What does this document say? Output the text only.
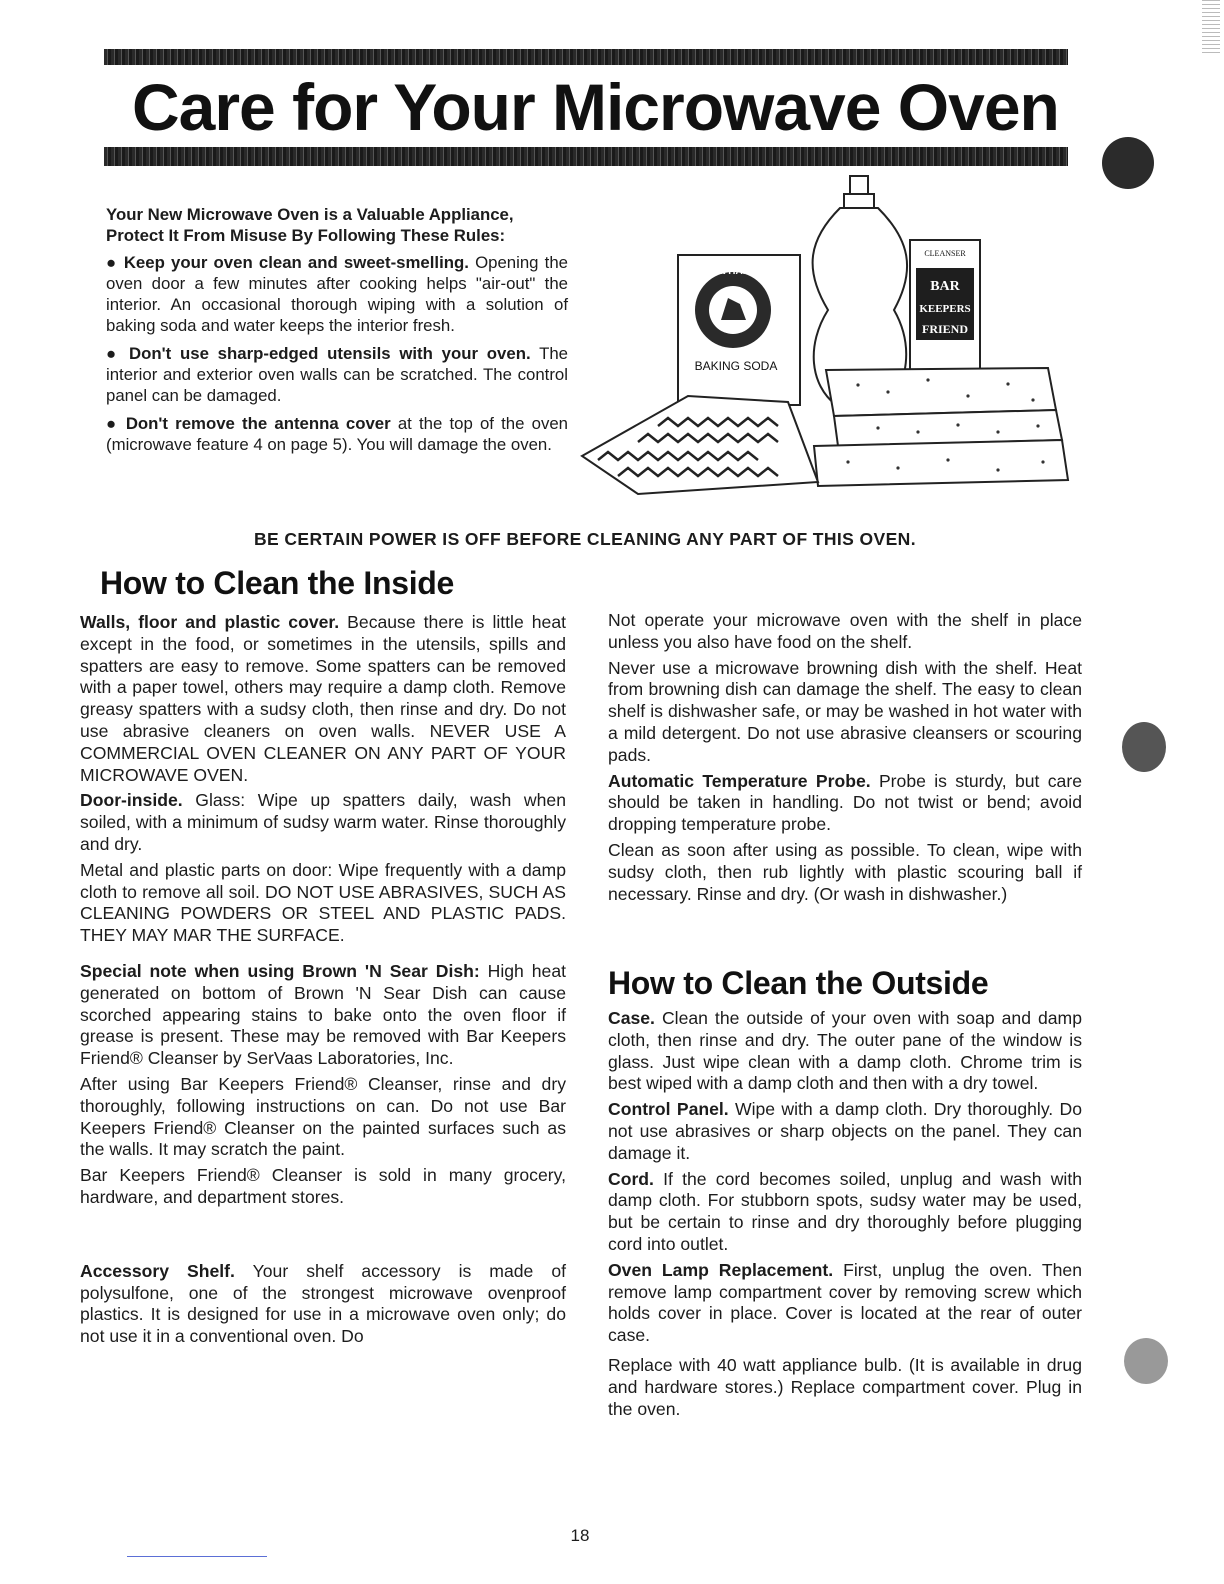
Care for Your Microwave Oven

Your New Microwave Oven is a Valuable Appliance, Protect It From Misuse By Following These Rules:

● Keep your oven clean and sweet-smelling. Opening the oven door a few minutes after cooking helps "air-out" the interior. An occasional thorough wiping with a solution of baking soda and water keeps the interior fresh.

● Don't use sharp-edged utensils with your oven. The interior and exterior oven walls can be scratched. The control panel can be damaged.

● Don't remove the antenna cover at the top of the oven (microwave feature 4 on page 5). You will damage the oven.

ARM & HAMMER
BAKING SODA
CLEANSER
BAR
KEEPERS
FRIEND
BE CERTAIN POWER IS OFF BEFORE CLEANING ANY PART OF THIS OVEN.
How to Clean the Inside

Walls, floor and plastic cover. Because there is little heat except in the food, or sometimes in the utensils, spills and spatters are easy to remove. Some spatters can be removed with a paper towel, others may require a damp cloth. Remove greasy spatters with a sudsy cloth, then rinse and dry. Do not use abrasive cleaners on oven walls. NEVER USE A COMMERCIAL OVEN CLEANER ON ANY PART OF YOUR MICROWAVE OVEN.

Door-inside. Glass: Wipe up spatters daily, wash when soiled, with a minimum of sudsy warm water. Rinse thoroughly and dry.

Metal and plastic parts on door: Wipe frequently with a damp cloth to remove all soil. DO NOT USE ABRASIVES, SUCH AS CLEANING POWDERS OR STEEL AND PLASTIC PADS. THEY MAY MAR THE SURFACE.

Special note when using Brown 'N Sear Dish: High heat generated on bottom of Brown 'N Sear Dish can cause scorched appearing stains to bake onto the oven floor if grease is present. These may be removed with Bar Keepers Friend® Cleanser by SerVaas Laboratories, Inc.

After using Bar Keepers Friend® Cleanser, rinse and dry thoroughly, following instructions on can. Do not use Bar Keepers Friend® Cleanser on the painted surfaces such as the walls. It may scratch the paint.

Bar Keepers Friend® Cleanser is sold in many grocery, hardware, and department stores.

Accessory Shelf. Your shelf accessory is made of polysulfone, one of the strongest microwave ovenproof plastics. It is designed for use in a microwave oven only; do not use it in a conventional oven. Do

Not operate your microwave oven with the shelf in place unless you also have food on the shelf.

Never use a microwave browning dish with the shelf. Heat from browning dish can damage the shelf. The easy to clean shelf is dishwasher safe, or may be washed in hot water with a mild detergent. Do not use abrasive cleansers or scouring pads.

Automatic Temperature Probe. Probe is sturdy, but care should be taken in handling. Do not twist or bend; avoid dropping temperature probe.

Clean as soon after using as possible. To clean, wipe with sudsy cloth, then rub lightly with plastic scouring ball if necessary. Rinse and dry. (Or wash in dishwasher.)

How to Clean the Outside

Case. Clean the outside of your oven with soap and damp cloth, then rinse and dry. The outer pane of the window is glass. Just wipe clean with a damp cloth. Chrome trim is best wiped with a damp cloth and then with a dry towel.

Control Panel. Wipe with a damp cloth. Dry thoroughly. Do not use abrasives or sharp objects on the panel. They can damage it.

Cord. If the cord becomes soiled, unplug and wash with damp cloth. For stubborn spots, sudsy water may be used, but be certain to rinse and dry thoroughly before plugging cord into outlet.

Oven Lamp Replacement. First, unplug the oven. Then remove lamp compartment cover by removing screw which holds cover in place. Cover is located at the rear of outer case.

Replace with 40 watt appliance bulb. (It is available in drug and hardware stores.) Replace compartment cover. Plug in the oven.

18
